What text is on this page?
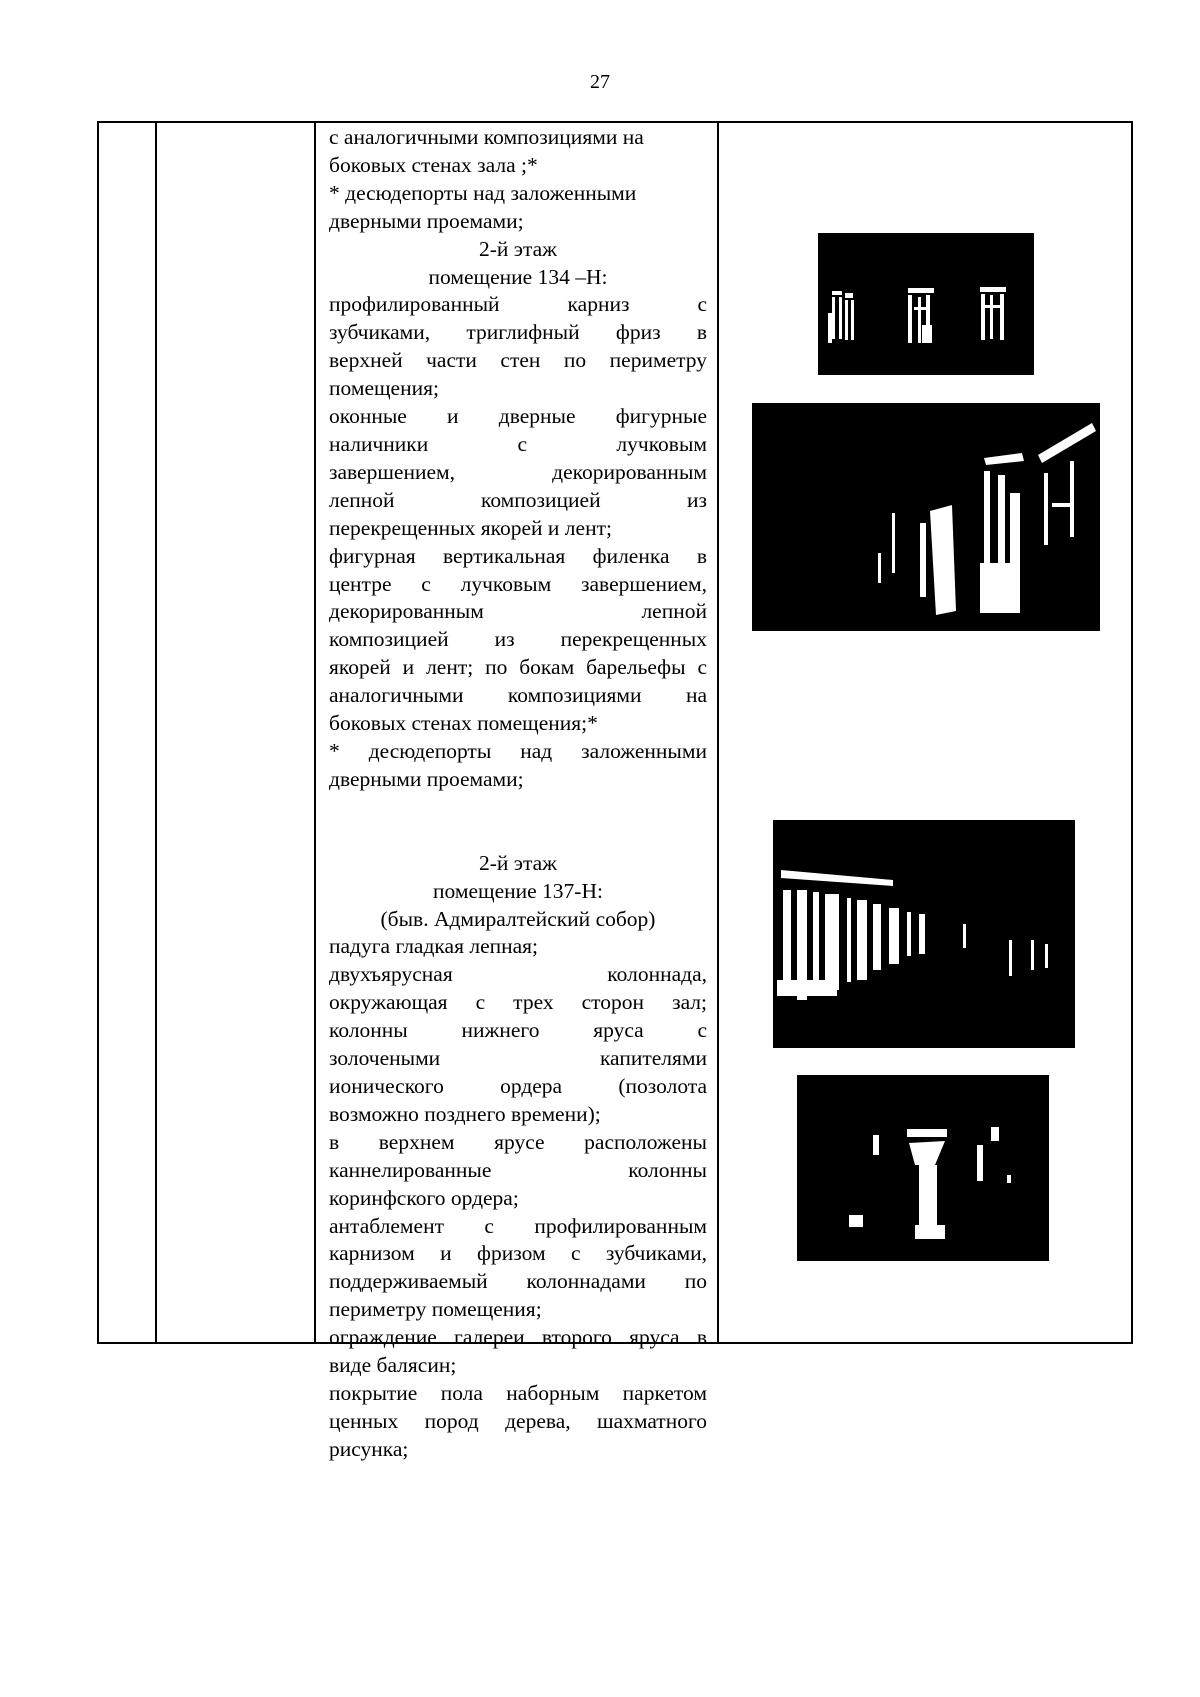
27

с аналогичными композициями на

боковых стенах зала ;*

* десюдепорты над заложенными

дверными проемами;

2-й этаж

помещение 134 –Н:

профилированный карниз с

зубчиками, триглифный фриз в

верхней части стен по периметру

помещения;

оконные и дверные фигурные

наличники с лучковым

завершением, декорированным

лепной композицией из

перекрещенных якорей и лент;

фигурная вертикальная филенка в

центре с лучковым завершением,

декорированным лепной

композицией из перекрещенных

якорей и лент; по бокам барельефы с

аналогичными композициями на

боковых стенах помещения;*

* десюдепорты над заложенными

дверными проемами;

2-й этаж

помещение 137-Н:

(быв. Адмиралтейский собор)

падуга гладкая лепная;

двухъярусная колоннада,

окружающая с трех сторон зал;

колонны нижнего яруса с

золочеными капителями

ионического ордера (позолота

возможно позднего времени);

в верхнем ярусе расположены

каннелированные колонны

коринфского ордера;

антаблемент с профилированным

карнизом и фризом с зубчиками,

поддерживаемый колоннадами по

периметру помещения;

ограждение галереи второго яруса в

виде балясин;

покрытие пола наборным паркетом

ценных пород дерева, шахматного

рисунка;
